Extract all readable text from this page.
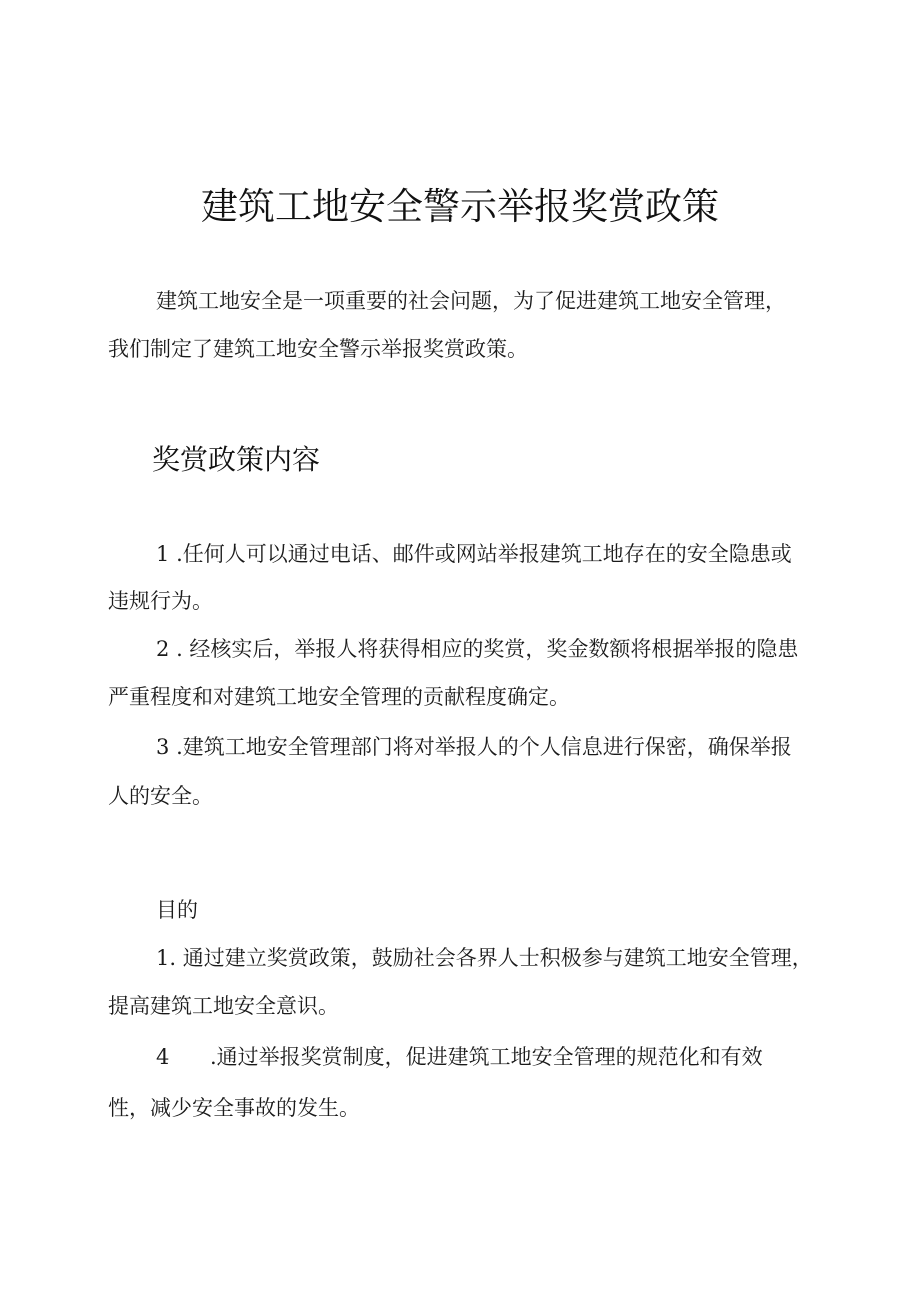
建筑工地安全警示举报奖赏政策

建筑工地安全是一项重要的社会问题，为了促进建筑工地安全管理，

我们制定了建筑工地安全警示举报奖赏政策。

奖赏政策内容

1 .任何人可以通过电话、邮件或网站举报建筑工地存在的安全隐患或

违规行为。

2 . 经核实后，举报人将获得相应的奖赏，奖金数额将根据举报的隐患

严重程度和对建筑工地安全管理的贡献程度确定。

3 .建筑工地安全管理部门将对举报人的个人信息进行保密，确保举报

人的安全。

目的

1. 通过建立奖赏政策，鼓励社会各界人士积极参与建筑工地安全管理，

提高建筑工地安全意识。

4 .通过举报奖赏制度，促进建筑工地安全管理的规范化和有效

性，减少安全事故的发生。
